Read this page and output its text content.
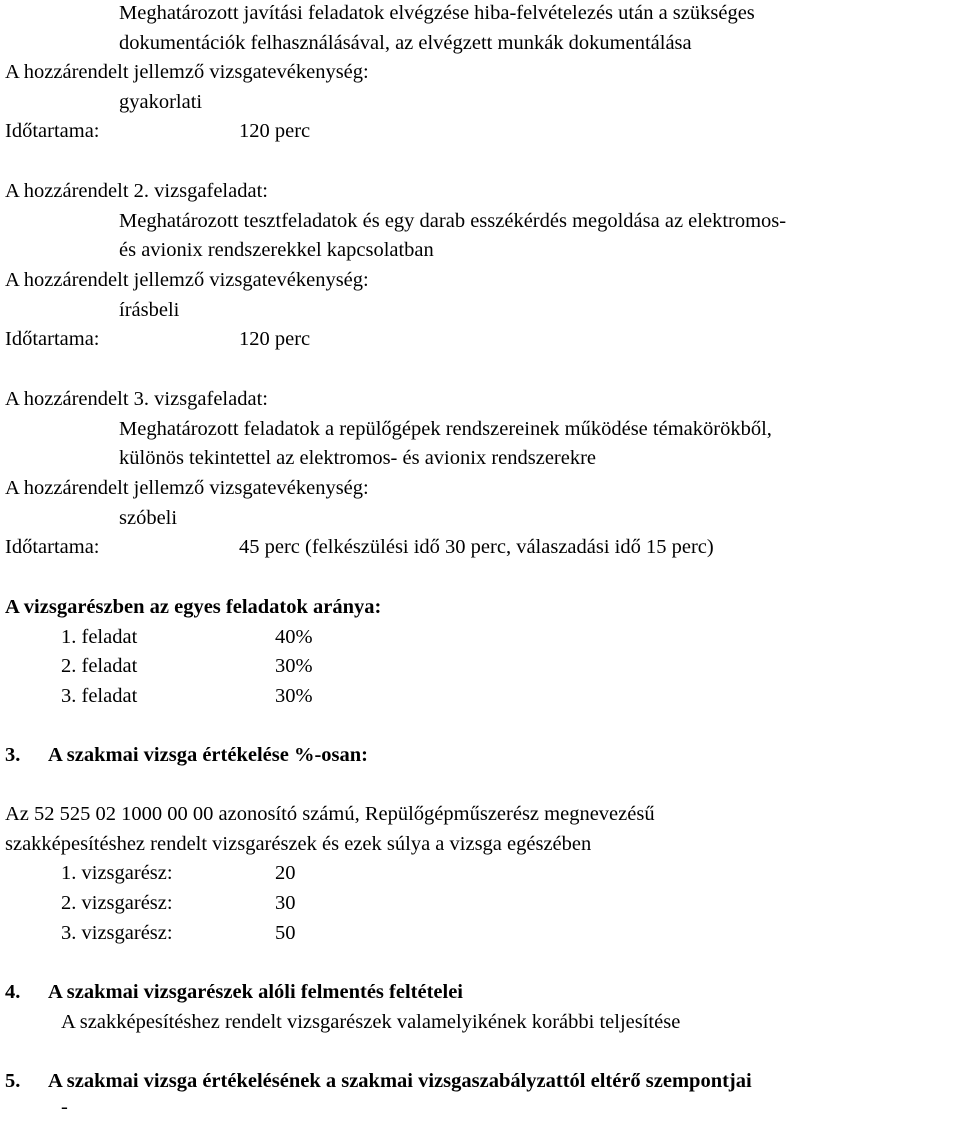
Meghatározott javítási feladatok elvégzése hiba-felvételezés után a szükséges
dokumentációk felhasználásával, az elvégzett munkák dokumentálása
A hozzárendelt jellemző vizsgatevékenység:
gyakorlati
Időtartama:	120 perc
A hozzárendelt 2. vizsgafeladat:
Meghatározott tesztfeladatok és egy darab esszékérdés megoldása az elektromos-
és avionix rendszerekkel kapcsolatban
A hozzárendelt jellemző vizsgatevékenység:
írásbeli
Időtartama:	120 perc
A hozzárendelt 3. vizsgafeladat:
Meghatározott feladatok a repülőgépek rendszereinek működése témakörökből,
különös tekintettel az elektromos- és avionix rendszerekre
A hozzárendelt jellemző vizsgatevékenység:
szóbeli
Időtartama:	45 perc (felkészülési idő 30 perc, válaszadási idő 15 perc)
A vizsgarészben az egyes feladatok aránya:
1. feladat	40%
2. feladat	30%
3. feladat	30%
3. A szakmai vizsga értékelése %-osan:
Az 52 525 02 1000 00 00 azonosító számú, Repülőgépműszerész megnevezésű
szakképesítéshez rendelt vizsgarészek és ezek súlya a vizsga egészében
1. vizsgarész:	20
2. vizsgarész:	30
3. vizsgarész:	50
4. A szakmai vizsgarészek alóli felmentés feltételei
A szakképesítéshez rendelt vizsgarészek valamelyikének korábbi teljesítése
5. A szakmai vizsga értékelésének a szakmai vizsgaszabályzattól eltérő szempontjai
-
